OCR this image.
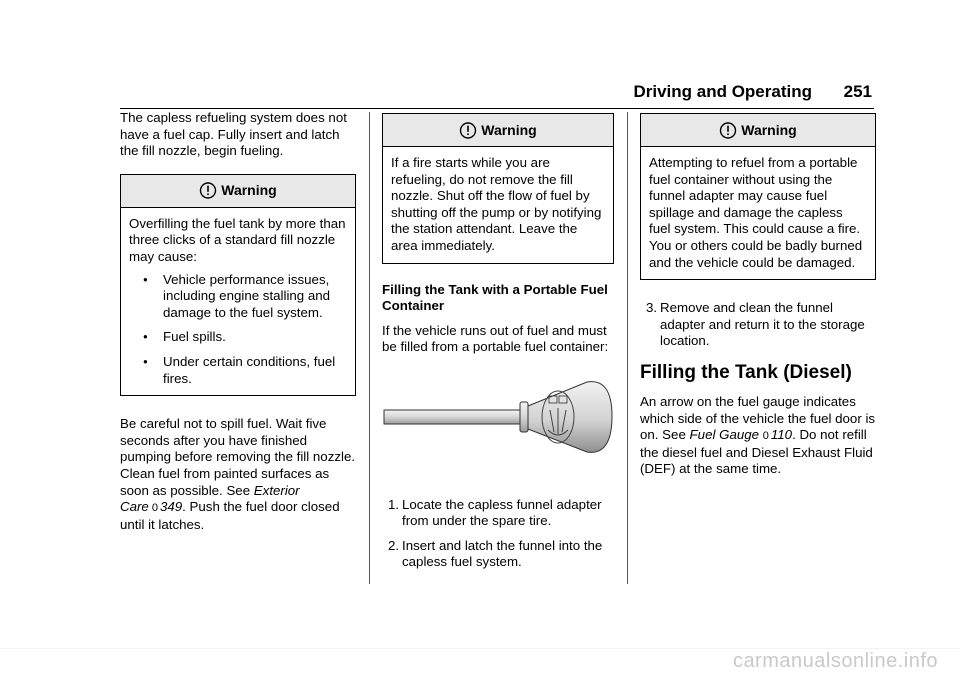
Driving and Operating 251

The capless refueling system does not have a fuel cap. Fully insert and latch the fill nozzle, begin fueling.

Warning

Overfilling the fuel tank by more than three clicks of a standard fill nozzle may cause:

● Vehicle performance issues, including engine stalling and damage to the fuel system.
● Fuel spills.
● Under certain conditions, fuel fires.

Be careful not to spill fuel. Wait five seconds after you have finished pumping before removing the fill nozzle. Clean fuel from painted surfaces as soon as possible. See Exterior Care 0 349. Push the fuel door closed until it latches.

Warning

If a fire starts while you are refueling, do not remove the fill nozzle. Shut off the flow of fuel by shutting off the pump or by notifying the station attendant. Leave the area immediately.

Filling the Tank with a Portable Fuel Container

If the vehicle runs out of fuel and must be filled from a portable fuel container:

1. Locate the capless funnel adapter from under the spare tire.
2. Insert and latch the funnel into the capless fuel system.
Warning

Attempting to refuel from a portable fuel container without using the funnel adapter may cause fuel spillage and damage the capless fuel system. This could cause a fire. You or others could be badly burned and the vehicle could be damaged.

3. Remove and clean the funnel adapter and return it to the storage location.
Filling the Tank (Diesel)

An arrow on the fuel gauge indicates which side of the vehicle the fuel door is on. See Fuel Gauge 0 110. Do not refill the diesel fuel and Diesel Exhaust Fluid (DEF) at the same time.

carmanualsonline.info
